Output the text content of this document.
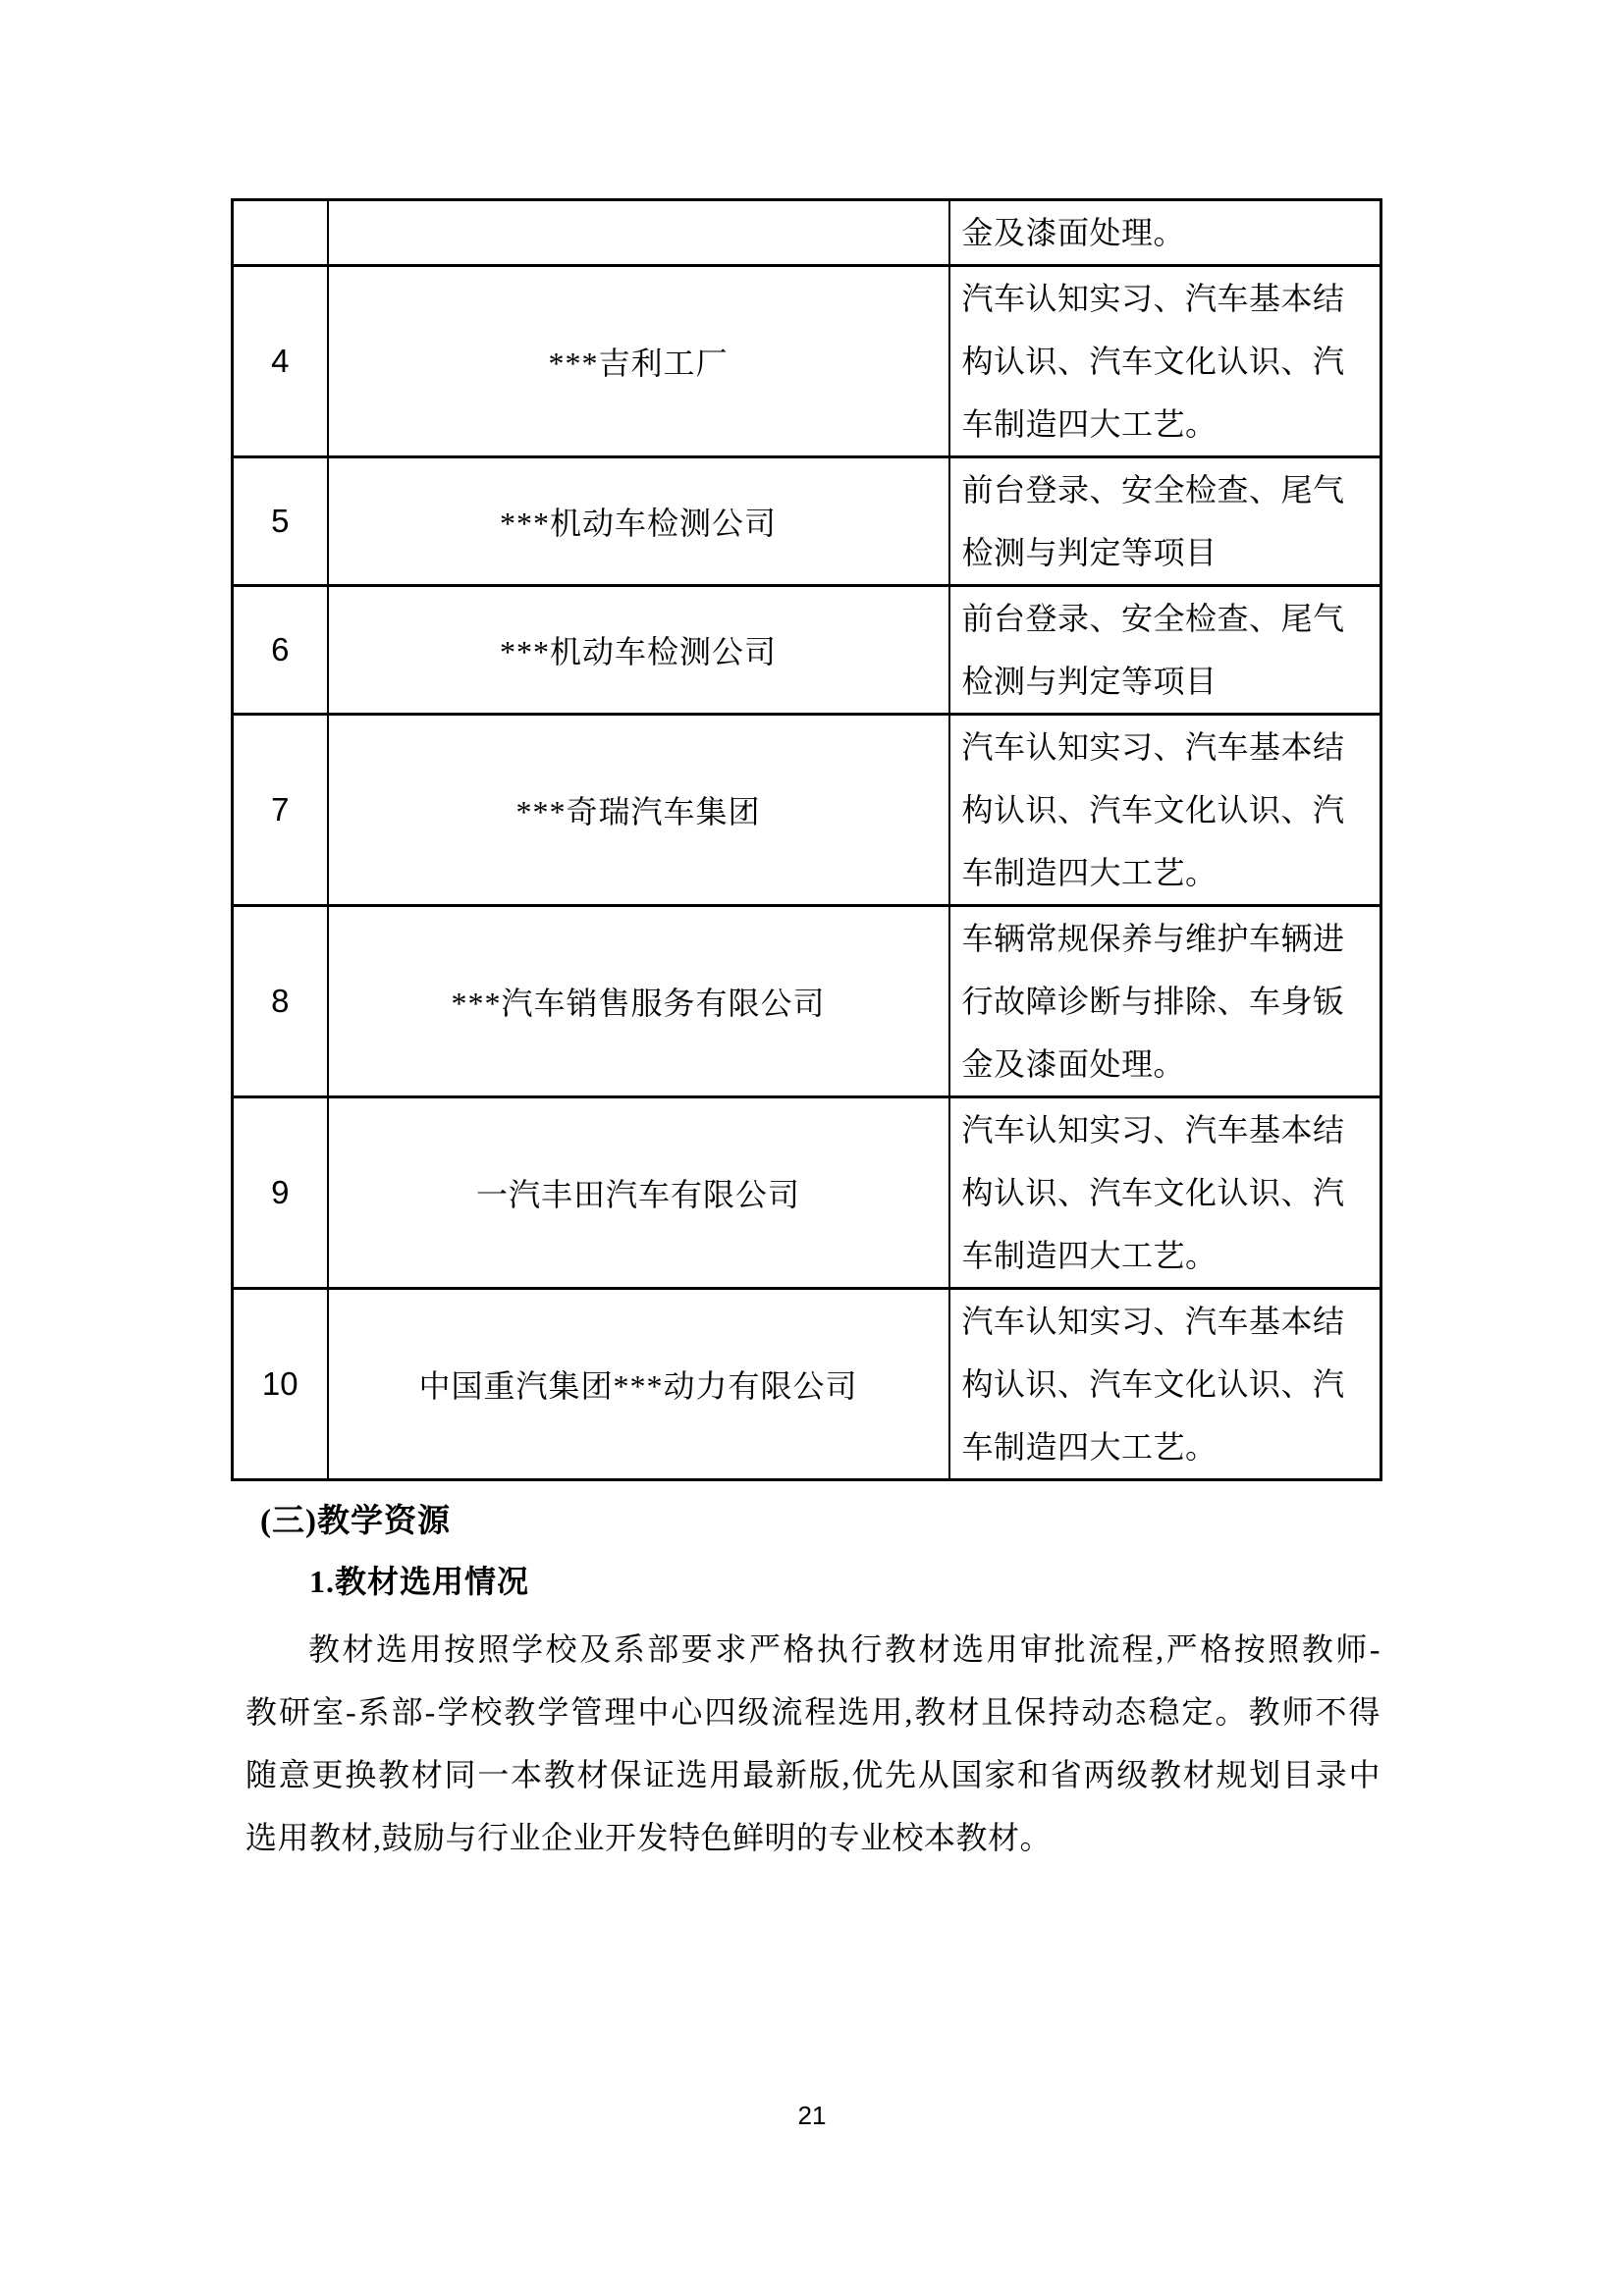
		金及漆面处理。
4	***吉利工厂	汽车认知实习、汽车基本结构认识、汽车文化认识、汽车制造四大工艺。
5	***机动车检测公司	前台登录、安全检查、尾气检测与判定等项目
6	***机动车检测公司	前台登录、安全检查、尾气检测与判定等项目
7	***奇瑞汽车集团	汽车认知实习、汽车基本结构认识、汽车文化认识、汽车制造四大工艺。
8	***汽车销售服务有限公司	车辆常规保养与维护车辆进行故障诊断与排除、车身钣金及漆面处理。
9	一汽丰田汽车有限公司	汽车认知实习、汽车基本结构认识、汽车文化认识、汽车制造四大工艺。
10	中国重汽集团***动力有限公司	汽车认知实习、汽车基本结构认识、汽车文化认识、汽车制造四大工艺。
(三)教学资源
1.教材选用情况
教材选用按照学校及系部要求严格执行教材选用审批流程,严格按照教师-
教研室-系部-学校教学管理中心四级流程选用,教材且保持动态稳定。教师不得
随意更换教材同一本教材保证选用最新版,优先从国家和省两级教材规划目录中
选用教材,鼓励与行业企业开发特色鲜明的专业校本教材。
21
